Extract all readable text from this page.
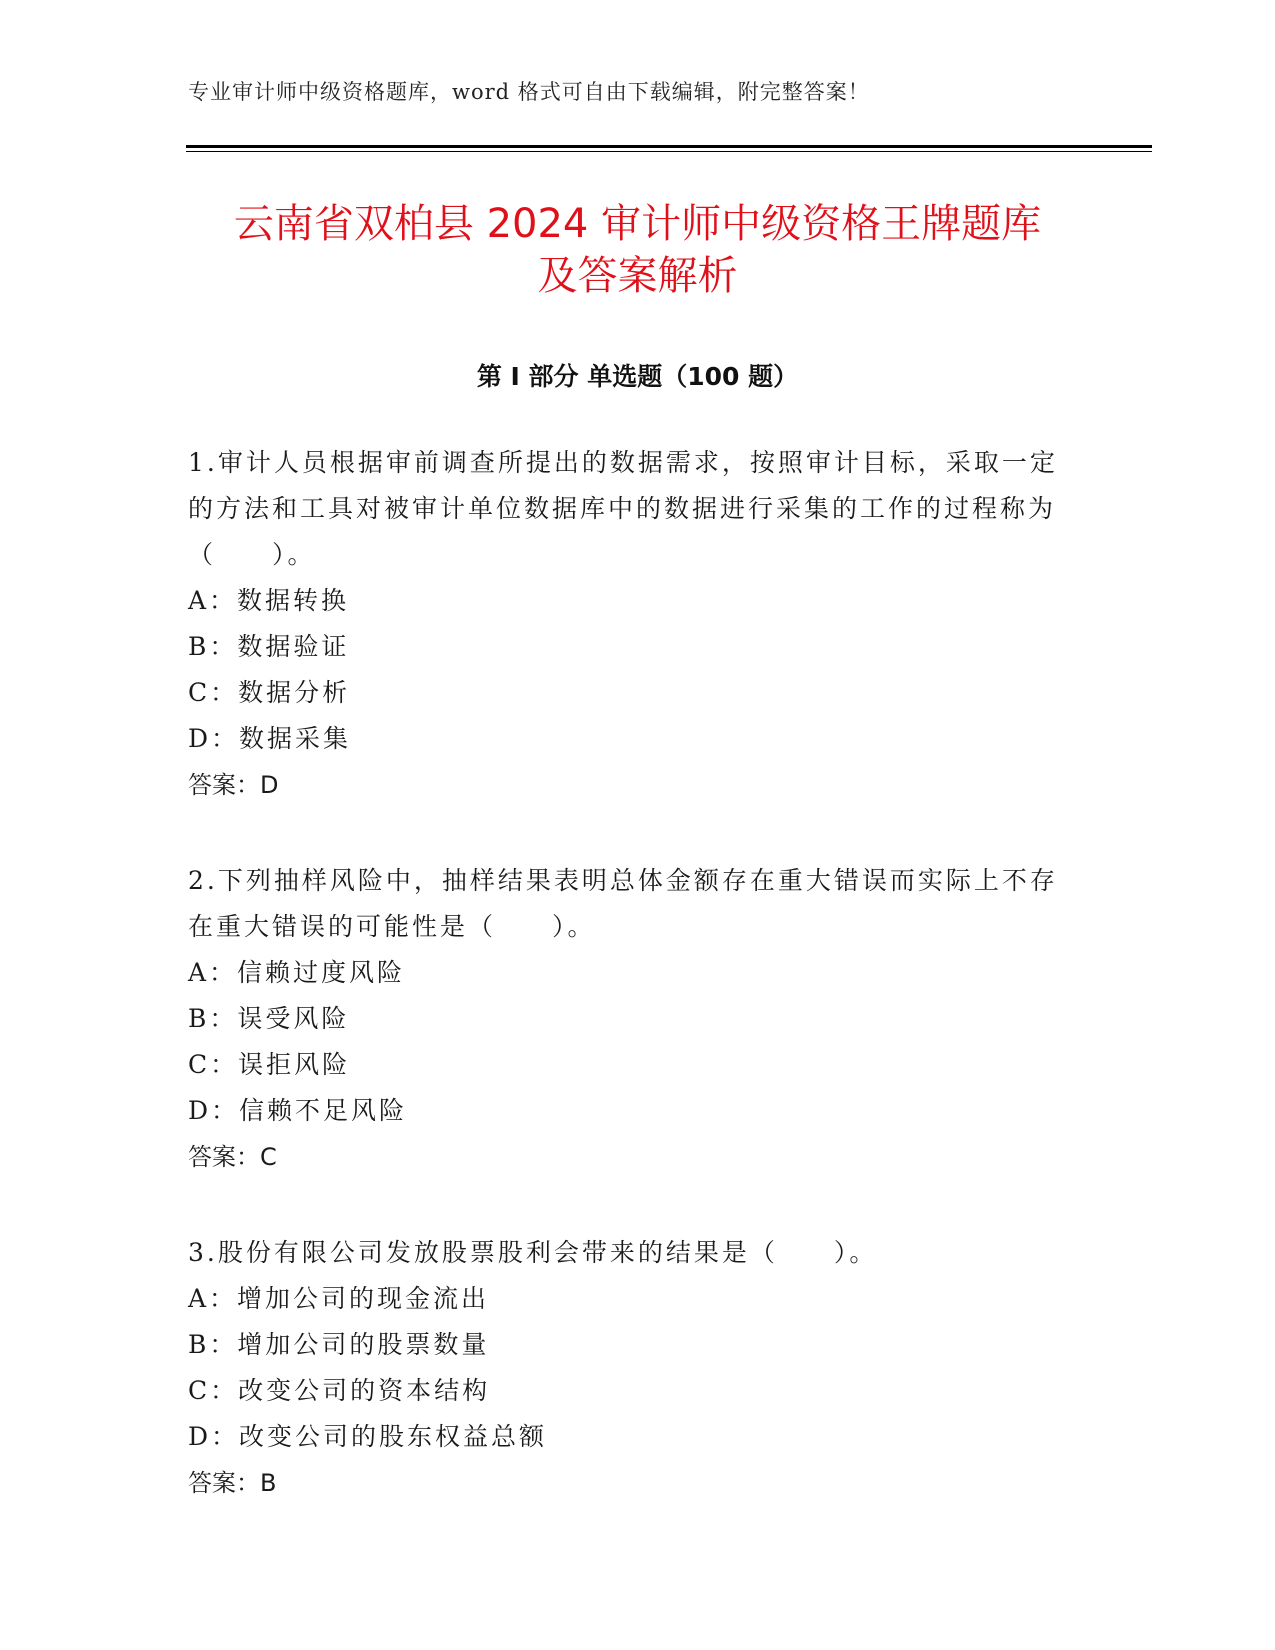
专业审计师中级资格题库，word 格式可自由下载编辑，附完整答案！
云南省双柏县 2024 审计师中级资格王牌题库
及答案解析
第 I 部分 单选题（100 题）

1.审计人员根据审前调查所提出的数据需求，按照审计目标，采取一定的方法和工具对被审计单位数据库中的数据进行采集的工作的过程称为（　　）。

A：数据转换

B：数据验证

C：数据分析

D：数据采集

答案：D

2.下列抽样风险中，抽样结果表明总体金额存在重大错误而实际上不存在重大错误的可能性是（　　）。

A：信赖过度风险

B：误受风险

C：误拒风险

D：信赖不足风险

答案：C

3.股份有限公司发放股票股利会带来的结果是（　　）。

A：增加公司的现金流出

B：增加公司的股票数量

C：改变公司的资本结构

D：改变公司的股东权益总额

答案：B
